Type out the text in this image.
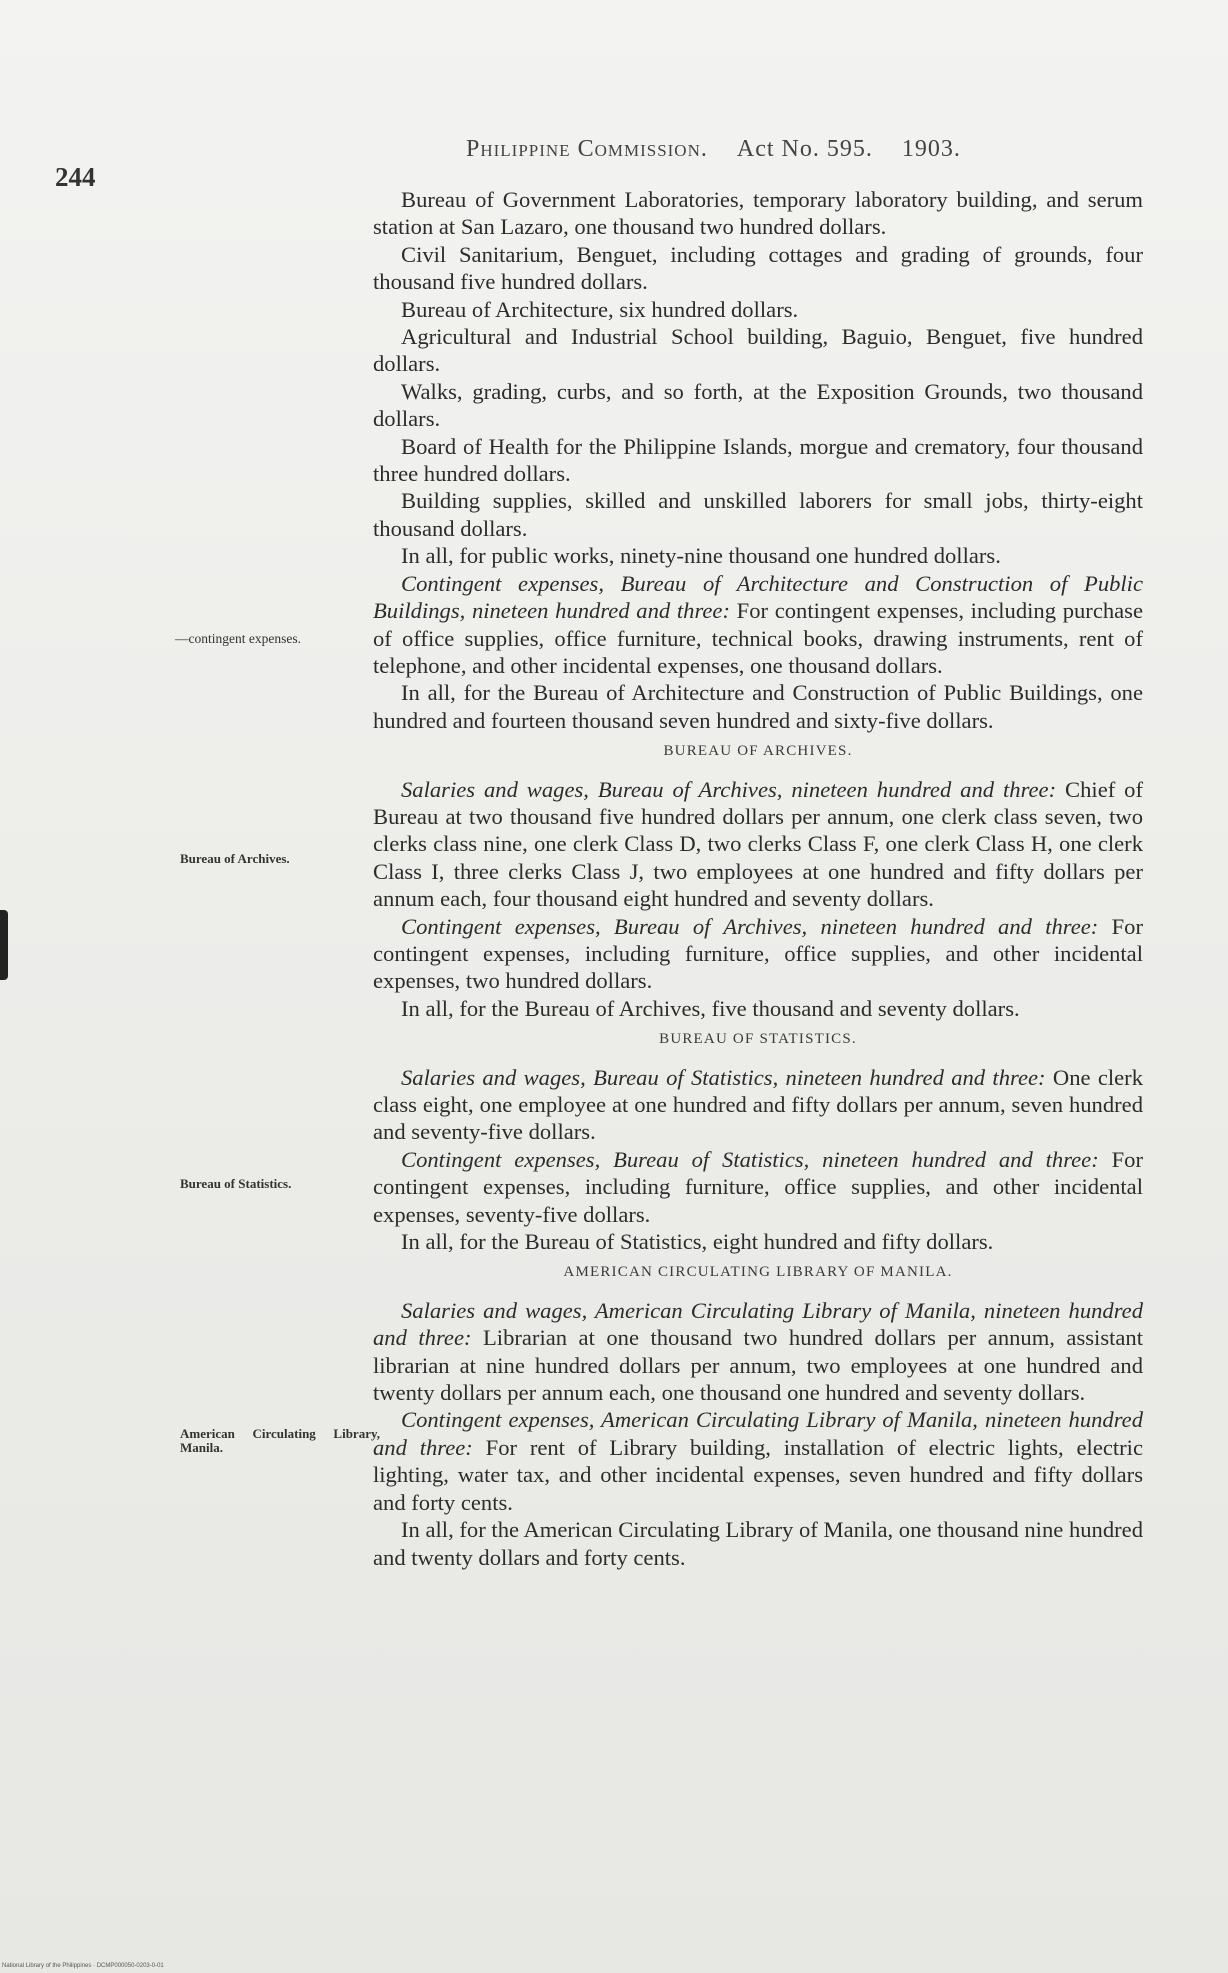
244
Philippine Commission. Act No. 595. 1903.
—contingent expenses.
Bureau of Archives.
Bureau of Statistics.
American Circulating Library, Manila.

Bureau of Government Laboratories, temporary laboratory building, and serum station at San Lazaro, one thousand two hundred dollars.

Civil Sanitarium, Benguet, including cottages and grading of grounds, four thousand five hundred dollars.

Bureau of Architecture, six hundred dollars.

Agricultural and Industrial School building, Baguio, Benguet, five hundred dollars.

Walks, grading, curbs, and so forth, at the Exposition Grounds, two thousand dollars.

Board of Health for the Philippine Islands, morgue and crematory, four thousand three hundred dollars.

Building supplies, skilled and unskilled laborers for small jobs, thirty-eight thousand dollars.

In all, for public works, ninety-nine thousand one hundred dollars.

Contingent expenses, Bureau of Architecture and Construction of Public Buildings, nineteen hundred and three: For contingent expenses, including purchase of office supplies, office furniture, technical books, drawing instruments, rent of telephone, and other incidental expenses, one thousand dollars.

In all, for the Bureau of Architecture and Construction of Public Buildings, one hundred and fourteen thousand seven hundred and sixty-five dollars.

BUREAU OF ARCHIVES.

Salaries and wages, Bureau of Archives, nineteen hundred and three: Chief of Bureau at two thousand five hundred dollars per annum, one clerk class seven, two clerks class nine, one clerk Class D, two clerks Class F, one clerk Class H, one clerk Class I, three clerks Class J, two employees at one hundred and fifty dollars per annum each, four thousand eight hundred and seventy dollars.

Contingent expenses, Bureau of Archives, nineteen hundred and three: For contingent expenses, including furniture, office supplies, and other incidental expenses, two hundred dollars.

In all, for the Bureau of Archives, five thousand and seventy dollars.

BUREAU OF STATISTICS.

Salaries and wages, Bureau of Statistics, nineteen hundred and three: One clerk class eight, one employee at one hundred and fifty dollars per annum, seven hundred and seventy-five dollars.

Contingent expenses, Bureau of Statistics, nineteen hundred and three: For contingent expenses, including furniture, office supplies, and other incidental expenses, seventy-five dollars.

In all, for the Bureau of Statistics, eight hundred and fifty dollars.

AMERICAN CIRCULATING LIBRARY OF MANILA.

Salaries and wages, American Circulating Library of Manila, nineteen hundred and three: Librarian at one thousand two hundred dollars per annum, assistant librarian at nine hundred dollars per annum, two employees at one hundred and twenty dollars per annum each, one thousand one hundred and seventy dollars.

Contingent expenses, American Circulating Library of Manila, nineteen hundred and three: For rent of Library building, installation of electric lights, electric lighting, water tax, and other incidental expenses, seven hundred and fifty dollars and forty cents.

In all, for the American Circulating Library of Manila, one thousand nine hundred and twenty dollars and forty cents.

National Library of the Philippines · DCMP000050-0203-0-01
